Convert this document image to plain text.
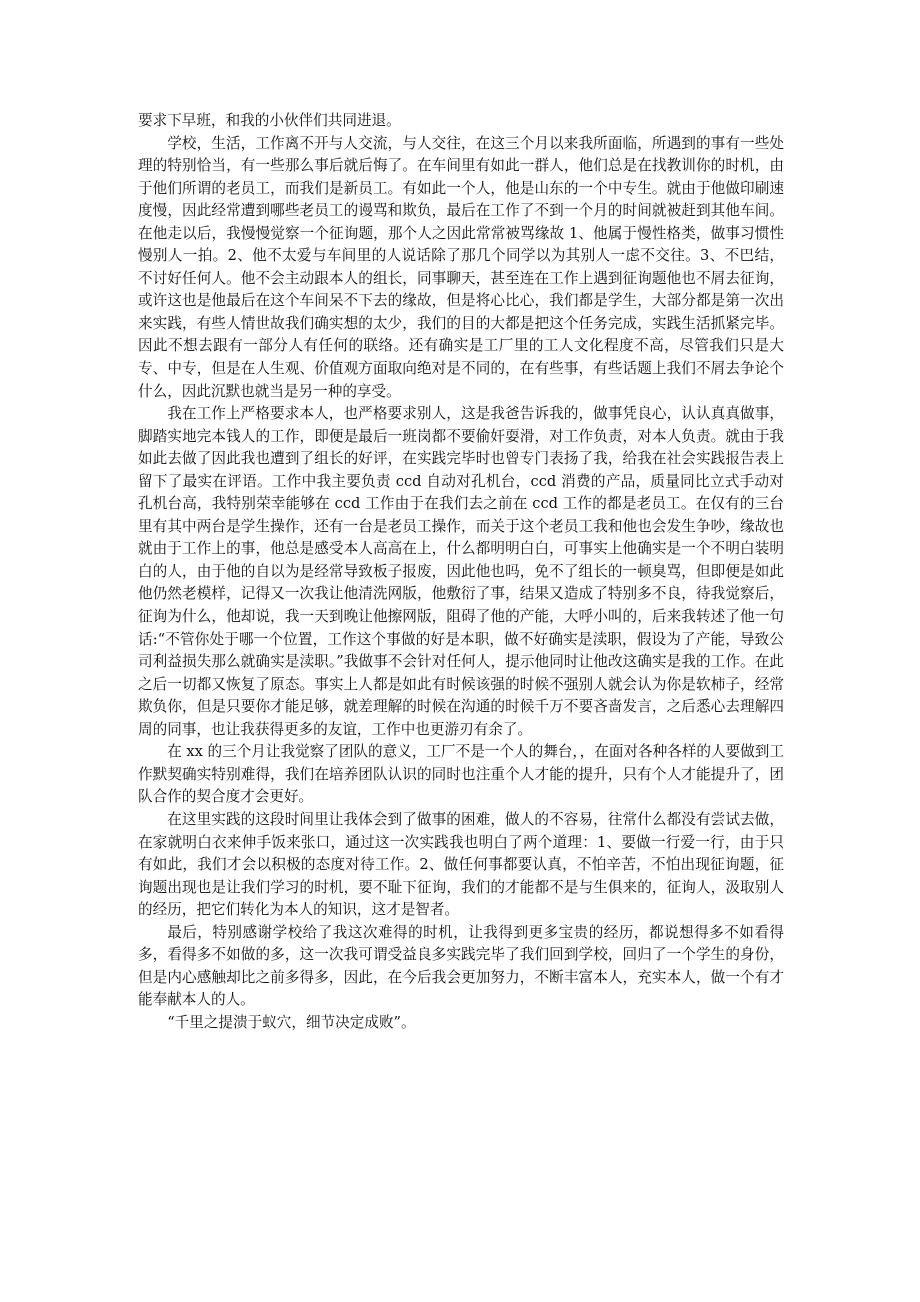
要求下早班，和我的小伙伴们共同进退。

学校，生活，工作离不开与人交流，与人交往，在这三个月以来我所面临，所遇到的事有一些处理的特别恰当，有一些那么事后就后悔了。在车间里有如此一群人，他们总是在找教训你的时机，由于他们所谓的老员工，而我们是新员工。有如此一个人，他是山东的一个中专生。就由于他做印刷速度慢，因此经常遭到哪些老员工的谩骂和欺负，最后在工作了不到一个月的时间就被赶到其他车间。在他走以后，我慢慢觉察一个征询题，那个人之因此常常被骂缘故 1、他属于慢性格类，做事习惯性慢别人一拍。2、他不太爱与车间里的人说话除了那几个同学以为其别人一虑不交往。3、不巴结，不讨好任何人。他不会主动跟本人的组长，同事聊天，甚至连在工作上遇到征询题他也不屑去征询，或许这也是他最后在这个车间呆不下去的缘故，但是将心比心，我们都是学生，大部分都是第一次出来实践，有些人情世故我们确实想的太少，我们的目的大都是把这个任务完成，实践生活抓紧完毕。因此不想去跟有一部分人有任何的联络。还有确实是工厂里的工人文化程度不高，尽管我们只是大专、中专，但是在人生观、价值观方面取向绝对是不同的，在有些事，有些话题上我们不屑去争论个什么，因此沉默也就当是另一种的享受。

我在工作上严格要求本人，也严格要求别人，这是我爸告诉我的，做事凭良心，认认真真做事，脚踏实地完本钱人的工作，即便是最后一班岗都不要偷奸耍滑，对工作负责，对本人负责。就由于我如此去做了因此我也遭到了组长的好评，在实践完毕时也曾专门表扬了我，给我在社会实践报告表上留下了最实在评语。工作中我主要负责 ccd 自动对孔机台，ccd 消费的产品，质量同比立式手动对孔机台高，我特别荣幸能够在 ccd 工作由于在我们去之前在 ccd 工作的都是老员工。在仅有的三台里有其中两台是学生操作，还有一台是老员工操作，而关于这个老员工我和他也会发生争吵，缘故也就由于工作上的事，他总是感受本人高高在上，什么都明明白白，可事实上他确实是一个不明白装明白的人，由于他的自以为是经常导致板子报废，因此他也吗，免不了组长的一顿臭骂，但即便是如此他仍然老模样，记得又一次我让他清洗网版，他敷衍了事，结果又造成了特别多不良，待我觉察后，征询为什么，他却说，我一天到晚让他擦网版，阻碍了他的产能，大呼小叫的，后来我转述了他一句话:“不管你处于哪一个位置，工作这个事做的好是本职，做不好确实是渎职，假设为了产能，导致公司利益损失那么就确实是渎职。”我做事不会针对任何人，提示他同时让他改这确实是我的工作。在此之后一切都又恢复了原态。事实上人都是如此有时候该强的时候不强别人就会认为你是软柿子，经常欺负你，但是只要你才能足够，就差理解的时候在沟通的时候千万不要吝啬发言，之后悉心去理解四周的同事，也让我获得更多的友谊，工作中也更游刃有余了。

在 xx 的三个月让我觉察了团队的意义，工厂不是一个人的舞台，，在面对各种各样的人要做到工作默契确实特别难得，我们在培养团队认识的同时也注重个人才能的提升，只有个人才能提升了，团队合作的契合度才会更好。

在这里实践的这段时间里让我体会到了做事的困难，做人的不容易，往常什么都没有尝试去做，在家就明白衣来伸手饭来张口，通过这一次实践我也明白了两个道理：1、要做一行爱一行，由于只有如此，我们才会以积极的态度对待工作。2、做任何事都要认真，不怕辛苦，不怕出现征询题，征询题出现也是让我们学习的时机，要不耻下征询，我们的才能都不是与生俱来的，征询人，汲取别人的经历，把它们转化为本人的知识，这才是智者。

最后，特别感谢学校给了我这次难得的时机，让我得到更多宝贵的经历，都说想得多不如看得多，看得多不如做的多，这一次我可谓受益良多实践完毕了我们回到学校，回归了一个学生的身份，但是内心感触却比之前多得多，因此，在今后我会更加努力，不断丰富本人，充实本人，做一个有才能奉献本人的人。

“千里之提溃于蚁穴，细节决定成败”。
